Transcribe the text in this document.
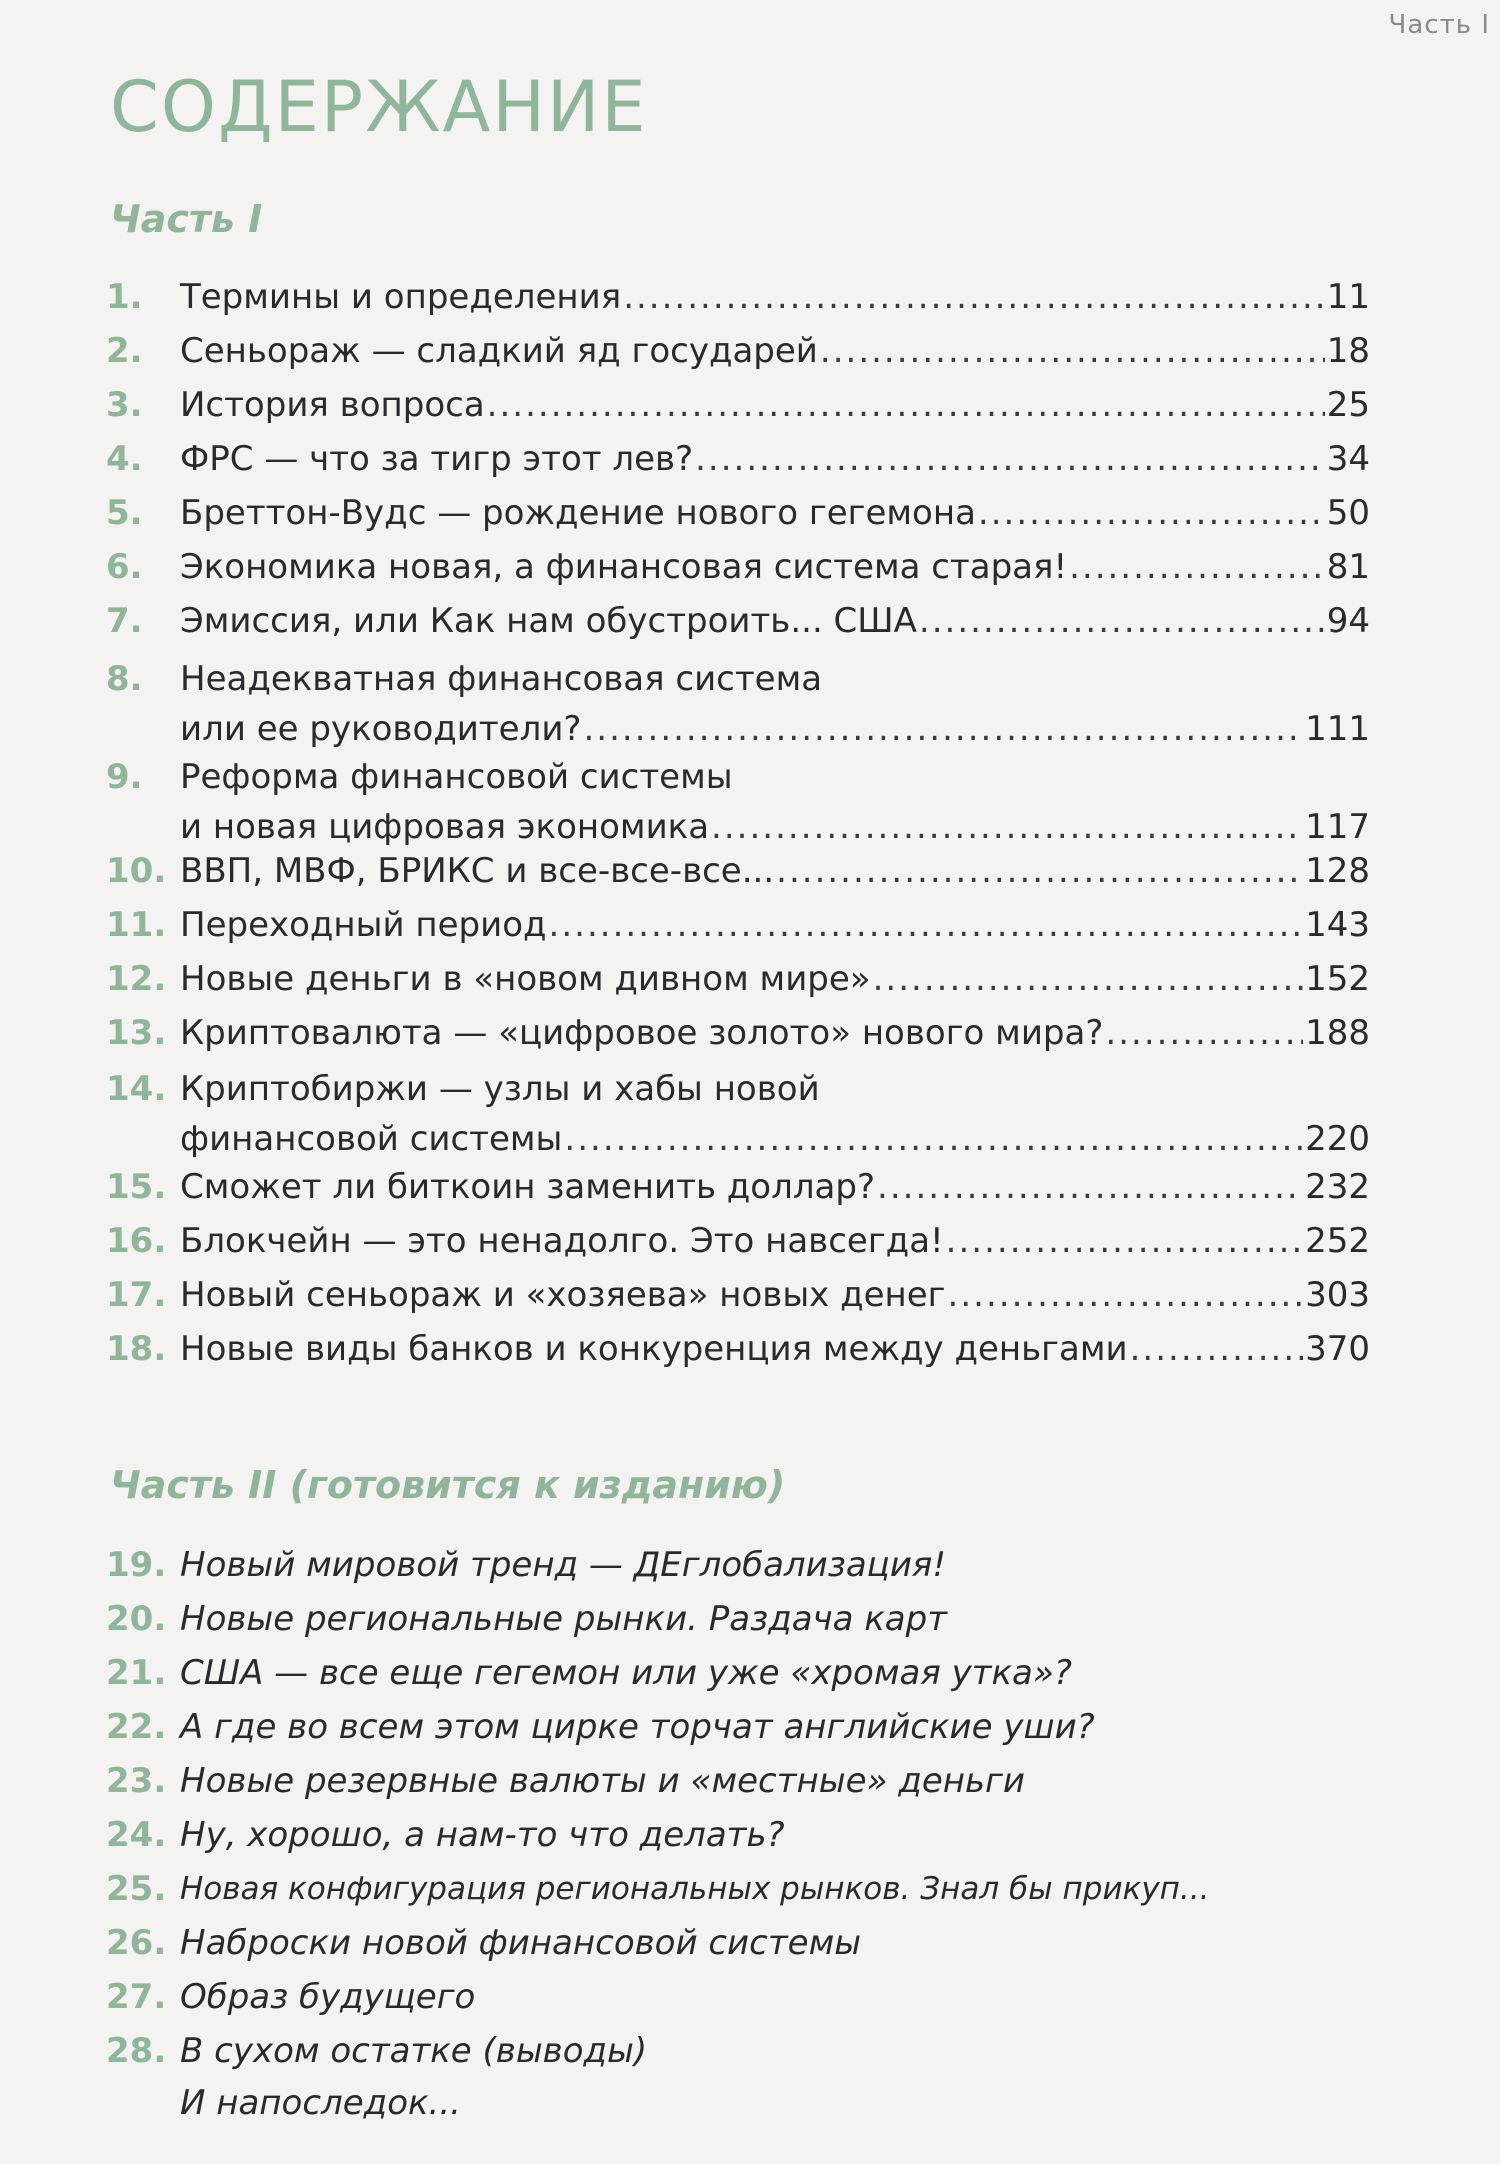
Часть I
СОДЕРЖАНИЕ
Часть I
1.	Термины и определения .....	11
2.	Сеньораж — сладкий яд государей .....	18
3.	История вопроса .....	25
4.	ФРС — что за тигр этот лев? .....	34
5.	Бреттон-Вудс — рождение нового гегемона .....	50
6.	Экономика новая, а финансовая система старая! .....	81
7.	Эмиссия, или Как нам обустроить... США .....	94
8.	Неадекватная финансовая система
или ее руководители? .....	111
9.	Реформа финансовой системы
и новая цифровая экономика .....	117
10. ВВП, МВФ, БРИКС и все-все-все... .....	128
11. Переходный период .....	143
12. Новые деньги в «новом дивном мире» .....	152
13. Криптовалюта — «цифровое золото» нового мира? .....	188
14. Криптобиржи — узлы и хабы новой
финансовой системы .....	220
15. Сможет ли биткоин заменить доллар? .....	232
16. Блокчейн — это ненадолго. Это навсегда! .....	252
17. Новый сеньораж и «хозяева» новых денег .....	303
18. Новые виды банков и конкуренция между деньгами .....	370
Часть II (готовится к изданию)
19. Новый мировой тренд — ДЕглобализация!
20. Новые региональные рынки. Раздача карт
21. США — все еще гегемон или уже «хромая утка»?
22. А где во всем этом цирке торчат английские уши?
23. Новые резервные валюты и «местные» деньги
24. Ну, хорошо, а нам-то что делать?
25. Новая конфигурация региональных рынков. Знал бы прикуп...
26. Наброски новой финансовой системы
27. Образ будущего
28. В сухом остатке (выводы)
И напоследок...
